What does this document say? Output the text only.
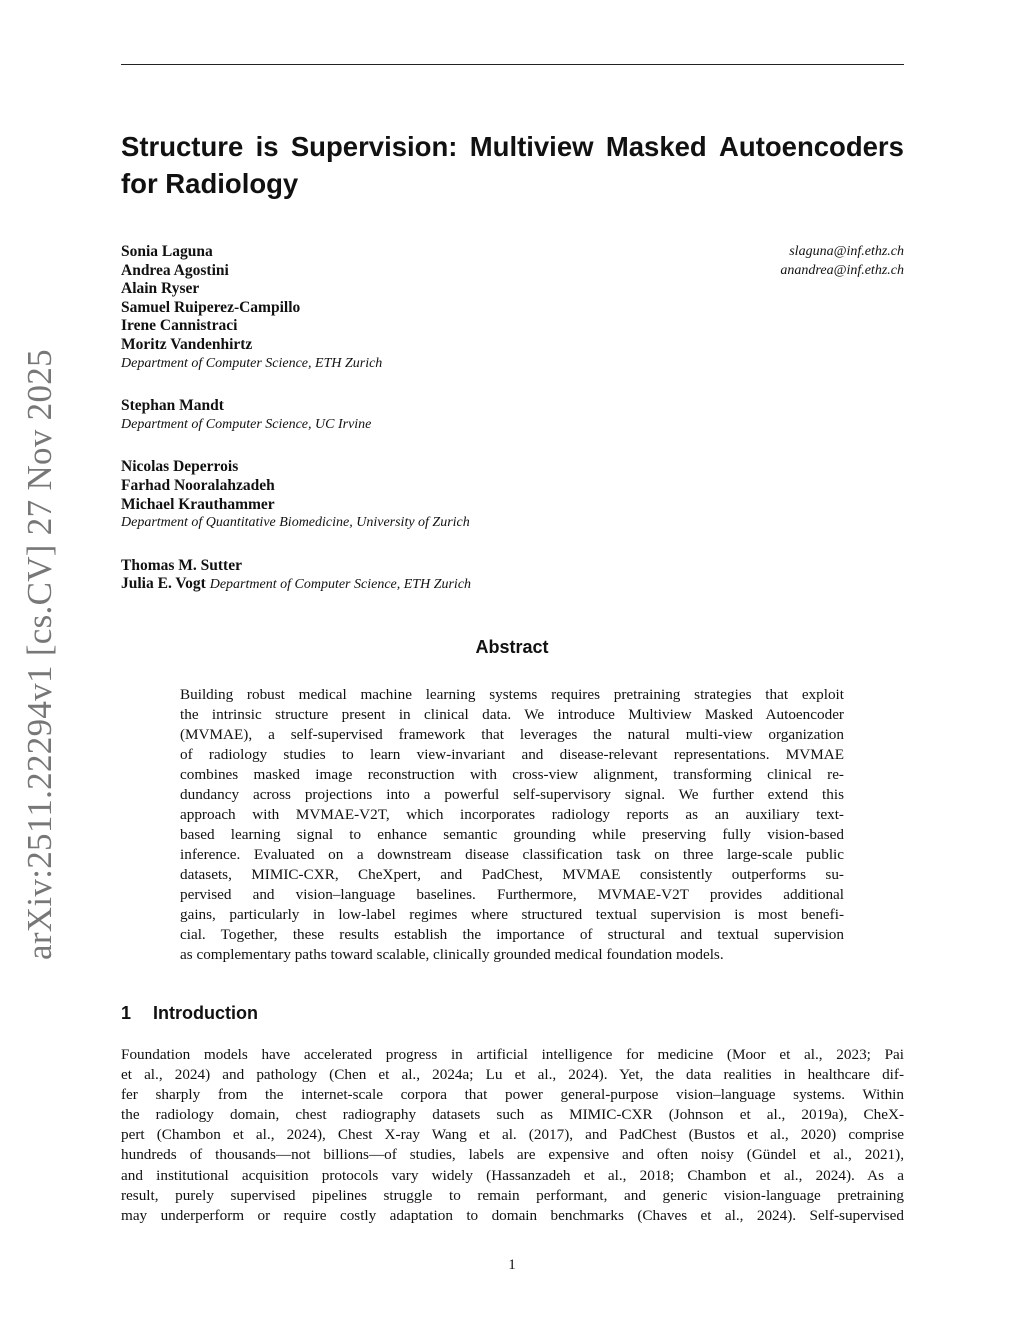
arXiv:2511.22294v1 [cs.CV] 27 Nov 2025
Structure is Supervision: Multiview Masked Autoencoders
for Radiology
Sonia Laguna
Andrea Agostini
Alain Ryser
Samuel Ruiperez-Campillo
Irene Cannistraci
Moritz Vandenhirtz
Department of Computer Science, ETH Zurich
Stephan Mandt
Department of Computer Science, UC Irvine
Nicolas Deperrois
Farhad Nooralahzadeh
Michael Krauthammer
Department of Quantitative Biomedicine, University of Zurich
Thomas M. Sutter
Julia E. Vogt Department of Computer Science, ETH Zurich
slaguna@inf.ethz.ch
anandrea@inf.ethz.ch
Abstract
Building robust medical machine learning systems requires pretraining strategies that exploit
the intrinsic structure present in clinical data. We introduce Multiview Masked Autoencoder
(MVMAE), a self-supervised framework that leverages the natural multi-view organization
of radiology studies to learn view-invariant and disease-relevant representations. MVMAE
combines masked image reconstruction with cross-view alignment, transforming clinical re-
dundancy across projections into a powerful self-supervisory signal. We further extend this
approach with MVMAE-V2T, which incorporates radiology reports as an auxiliary text-
based learning signal to enhance semantic grounding while preserving fully vision-based
inference. Evaluated on a downstream disease classification task on three large-scale public
datasets, MIMIC-CXR, CheXpert, and PadChest, MVMAE consistently outperforms su-
pervised and vision–language baselines. Furthermore, MVMAE-V2T provides additional
gains, particularly in low-label regimes where structured textual supervision is most benefi-
cial. Together, these results establish the importance of structural and textual supervision
as complementary paths toward scalable, clinically grounded medical foundation models.
1 Introduction
Foundation models have accelerated progress in artificial intelligence for medicine (Moor et al., 2023; Pai
et al., 2024) and pathology (Chen et al., 2024a; Lu et al., 2024). Yet, the data realities in healthcare dif-
fer sharply from the internet-scale corpora that power general-purpose vision–language systems. Within
the radiology domain, chest radiography datasets such as MIMIC-CXR (Johnson et al., 2019a), CheX-
pert (Chambon et al., 2024), Chest X-ray Wang et al. (2017), and PadChest (Bustos et al., 2020) comprise
hundreds of thousands—not billions—of studies, labels are expensive and often noisy (Gündel et al., 2021),
and institutional acquisition protocols vary widely (Hassanzadeh et al., 2018; Chambon et al., 2024). As a
result, purely supervised pipelines struggle to remain performant, and generic vision-language pretraining
may underperform or require costly adaptation to domain benchmarks (Chaves et al., 2024). Self-supervised
1
